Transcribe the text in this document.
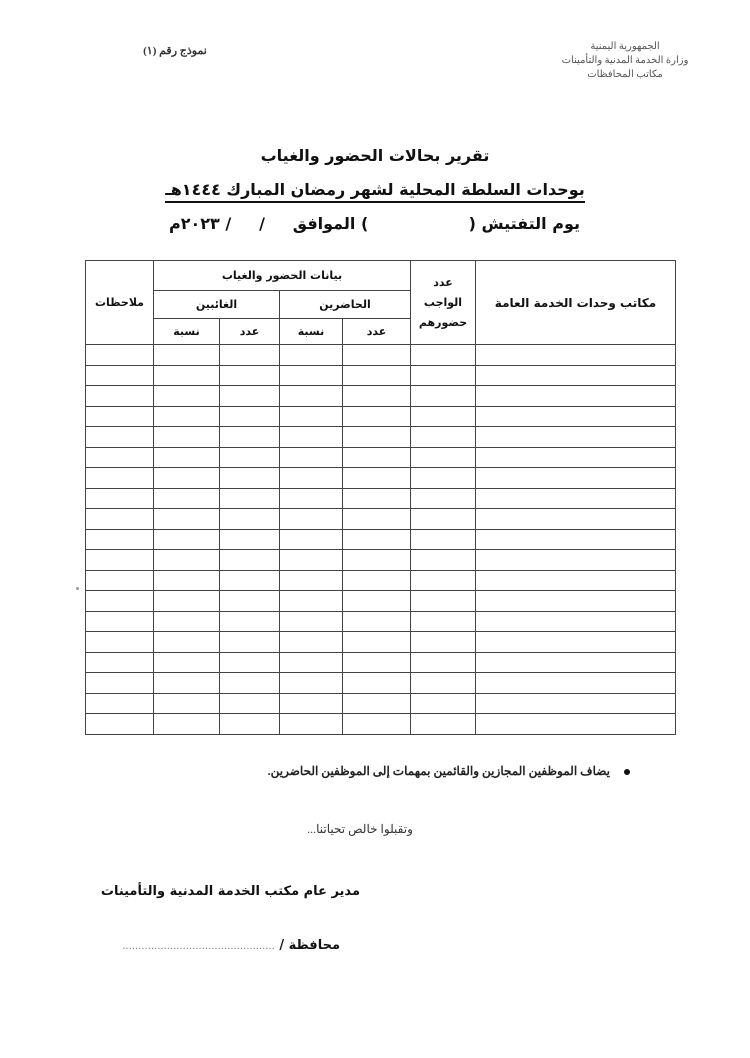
الجمهورية اليمنية
وزارة الخدمة المدنية والتأمينات
مكاتب المحافظات
نموذج رقم (١)
تقرير بحالات الحضور والغياب
بوحدات السلطة المحلية لشهر رمضان المبارك ١٤٤٤هـ
يوم التفتيش (                  ) الموافق     /     / ٢٠٢٣م
مكاتب وحدات الخدمة العامة	عدد الواجب حضورهم	بيانات الحضور والغياب				ملاحظات
		الحاضرين		الغائبين		
		عدد	نسبة	عدد	نسبة	

يضاف الموظفين المجازين والقائمين بمهمات إلى الموظفين الحاضرين.
وتقبلوا خالص تحياتنا...
مدير عام مكتب الخدمة المدنية والتأمينات
محافظة / ................................................
